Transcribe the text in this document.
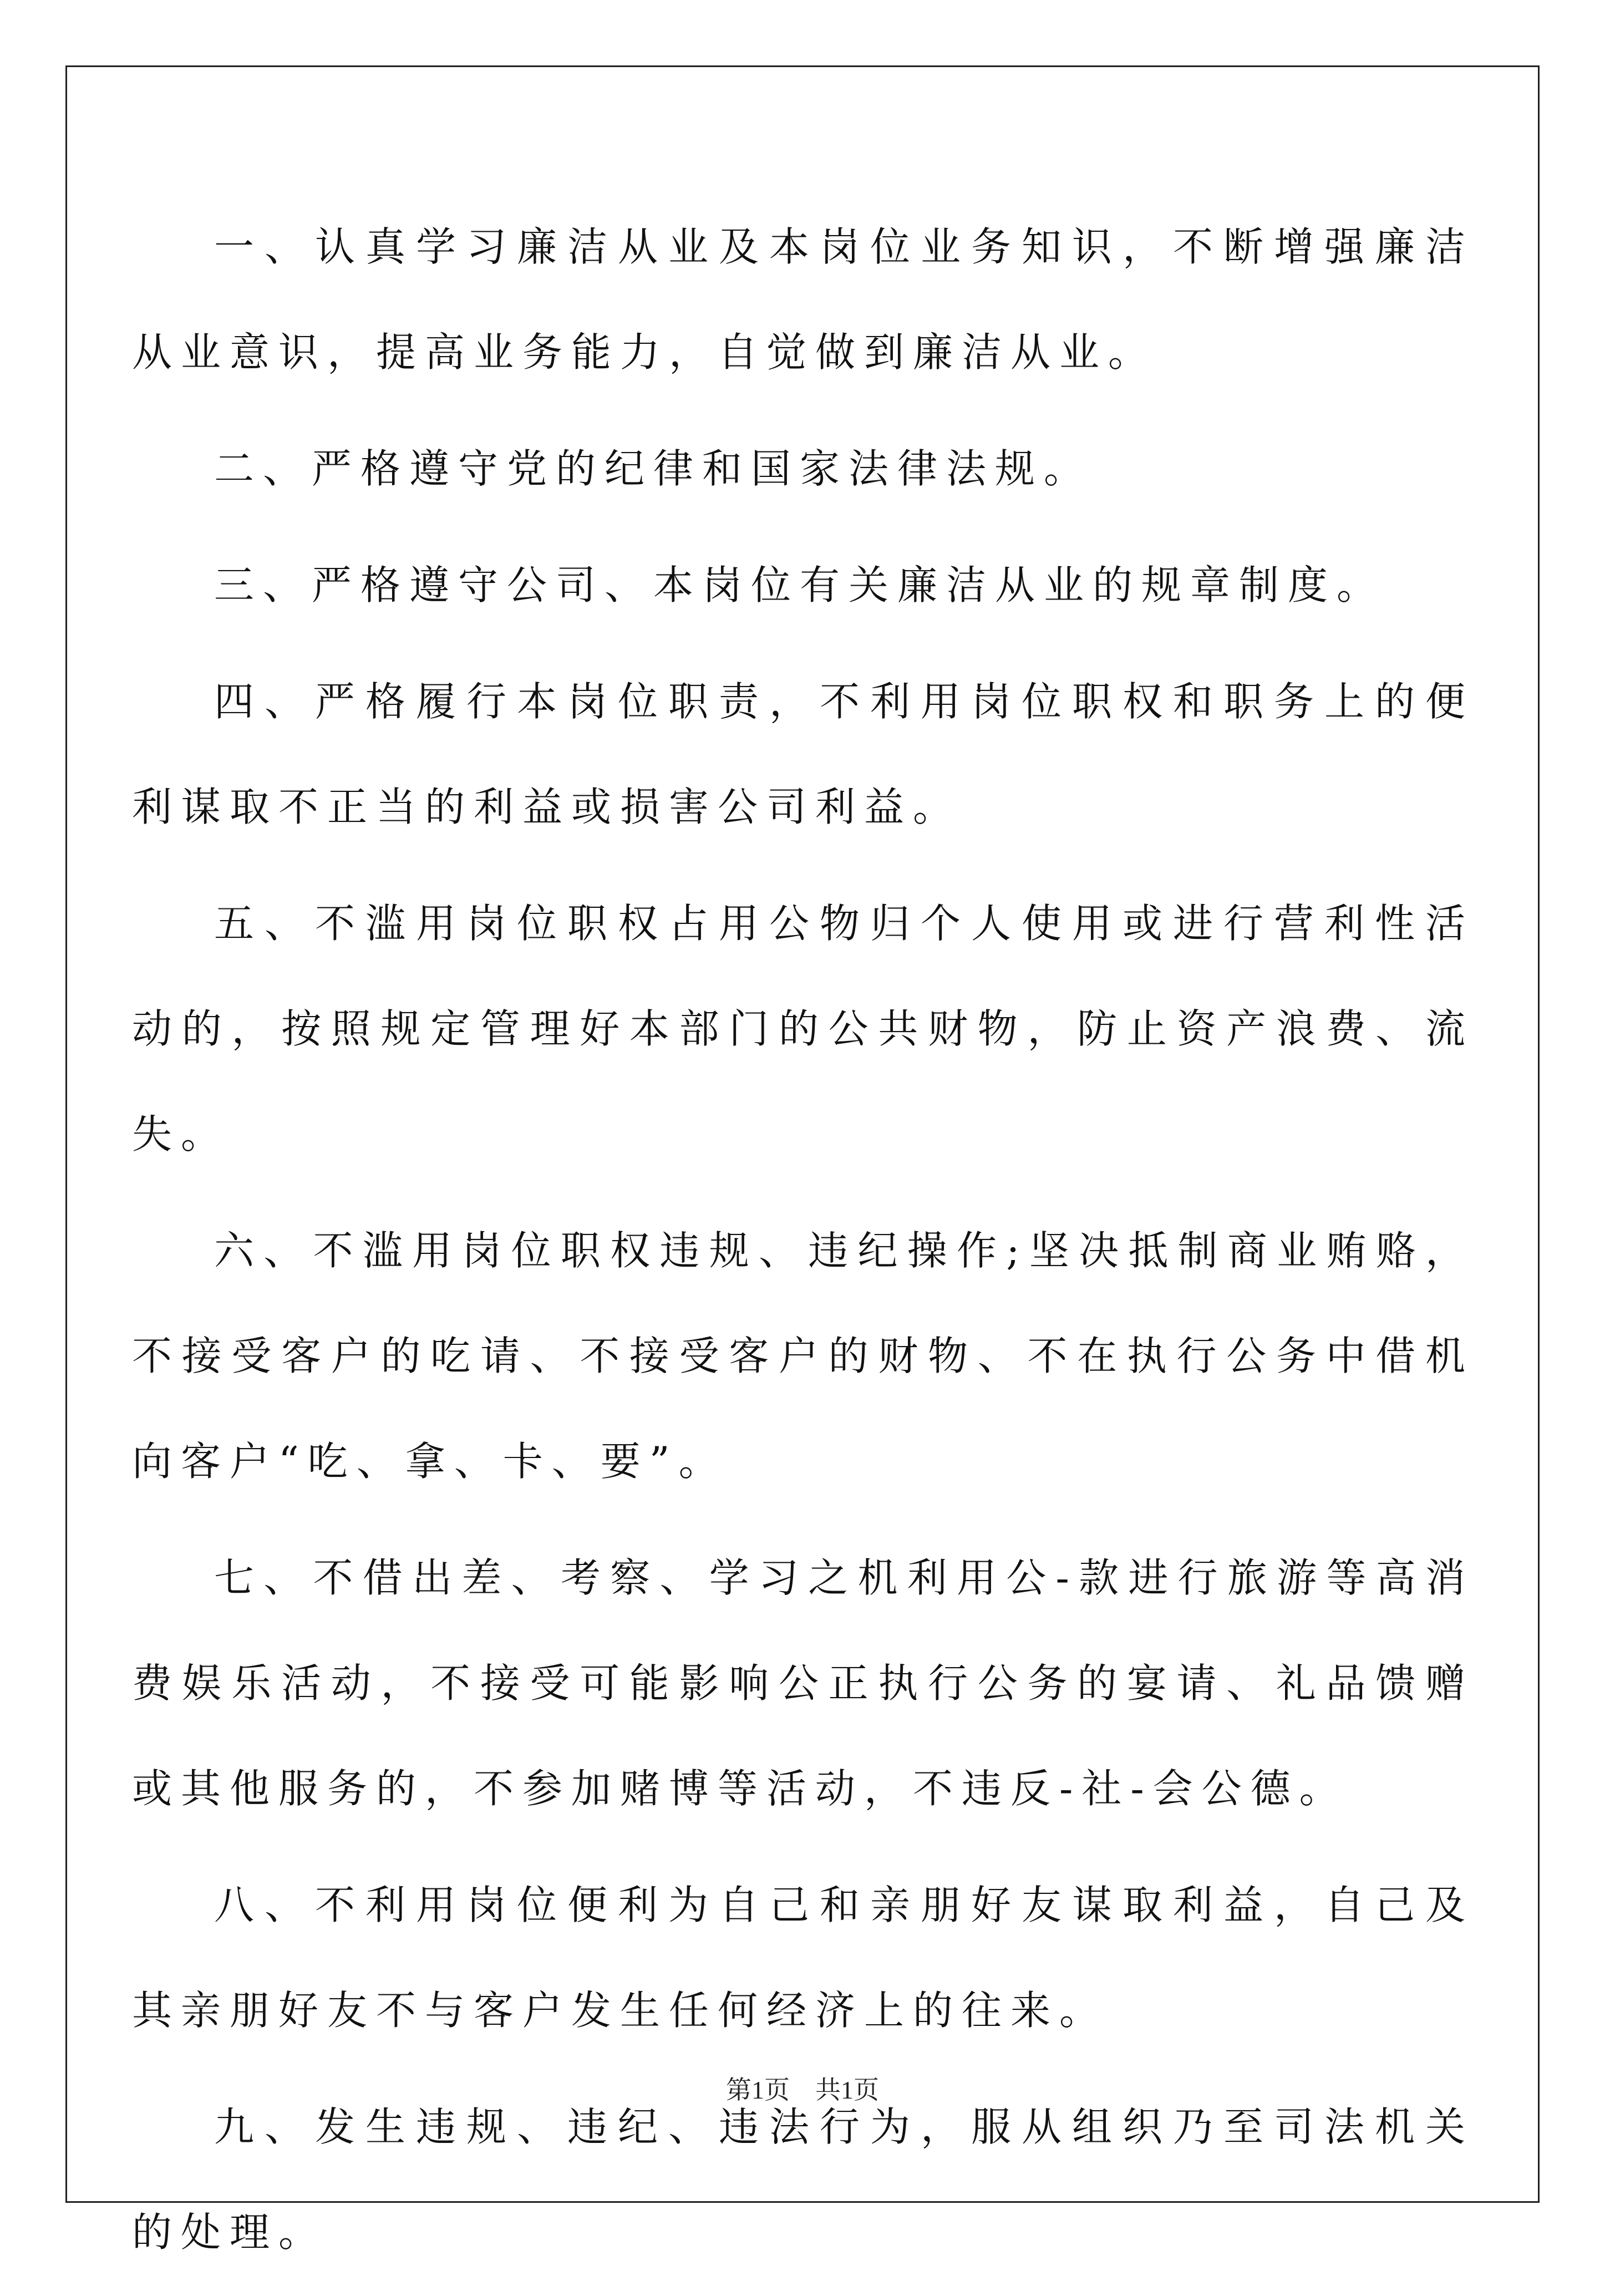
一、认真学习廉洁从业及本岗位业务知识，不断增强廉洁从业意识，提高业务能力，自觉做到廉洁从业。

二、严格遵守党的纪律和国家法律法规。

三、严格遵守公司、本岗位有关廉洁从业的规章制度。

四、严格履行本岗位职责，不利用岗位职权和职务上的便利谋取不正当的利益或损害公司利益。

五、不滥用岗位职权占用公物归个人使用或进行营利性活动的，按照规定管理好本部门的公共财物，防止资产浪费、流失。

六、不滥用岗位职权违规、违纪操作;坚决抵制商业贿赂，不接受客户的吃请、不接受客户的财物、不在执行公务中借机向客户“吃、拿、卡、要”。

七、不借出差、考察、学习之机利用公-款进行旅游等高消费娱乐活动，不接受可能影响公正执行公务的宴请、礼品馈赠或其他服务的，不参加赌博等活动，不违反-社-会公德。

八、不利用岗位便利为自己和亲朋好友谋取利益，自己及其亲朋好友不与客户发生任何经济上的往来。

九、发生违规、违纪、违法行为，服从组织乃至司法机关的处理。

第1页　共1页
